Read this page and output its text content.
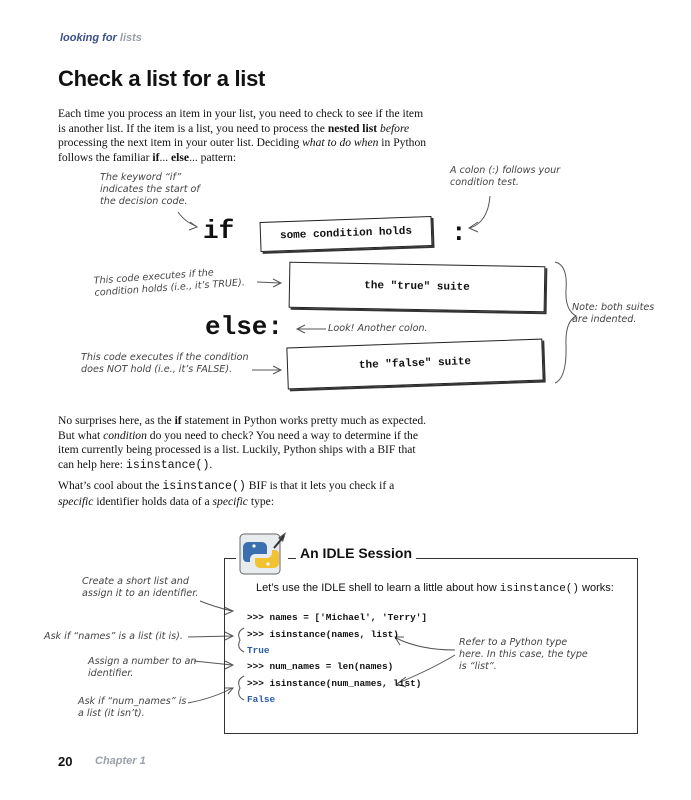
looking for lists
Check a list for a list
Each time you process an item in your list, you need to check to see if the item is another list. If the item is a list, you need to process the nested list before processing the next item in your outer list. Deciding what to do when in Python follows the familiar if... else... pattern:
The keyword “if” indicates the start of the decision code.
A colon (:) follows your condition test.
if	some condition holds :
This code executes if the condition holds (i.e., it’s TRUE).	the "true" suite
else:	Look! Another colon.
This code executes if the condition does NOT hold (i.e., it’s FALSE).	the "false" suite
Note: both suites are indented.
No surprises here, as the if statement in Python works pretty much as expected. But what condition do you need to check? You need a way to determine if the item currently being processed is a list. Luckily, Python ships with a BIF that can help here: isinstance().
What’s cool about the isinstance() BIF is that it lets you check if a specific identifier holds data of a specific type:
An IDLE Session
Let’s use the IDLE shell to learn a little about how isinstance() works:
>>> names = ['Michael', 'Terry']
>>> isinstance(names, list)
True
>>> num_names = len(names)
>>> isinstance(num_names, list)
False
Create a short list and assign it to an identifier.
Ask if “names” is a list (it is).
Assign a number to an identifier.
Ask if “num_names” is a list (it isn’t).
Refer to a Python type here. In this case, the type is “list”.
20 Chapter 1
